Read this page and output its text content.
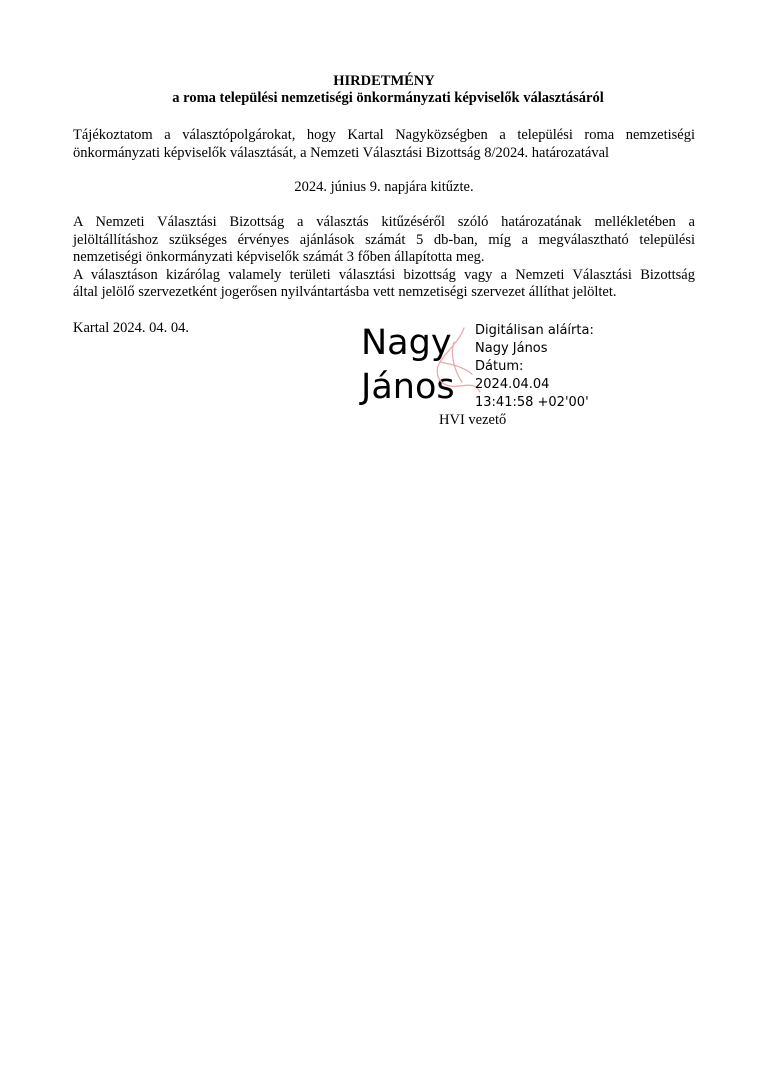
HIRDETMÉNY
a roma települési nemzetiségi önkormányzati képviselők választásáról
Tájékoztatom a választópolgárokat, hogy Kartal Nagyközségben a települési roma nemzetiségi
önkormányzati képviselők választását, a Nemzeti Választási Bizottság 8/2024. határozatával
2024. június 9. napjára kitűzte.
A Nemzeti Választási Bizottság a választás kitűzéséről szóló határozatának mellékletében a
jelöltállításhoz szükséges érvényes ajánlások számát 5 db-ban, míg a megválasztható települési
nemzetiségi önkormányzati képviselők számát 3 főben állapította meg.
A választáson kizárólag valamely területi választási bizottság vagy a Nemzeti Választási Bizottság
által jelölő szervezetként jogerősen nyilvántartásba vett nemzetiségi szervezet állíthat jelöltet.
Kartal 2024. 04. 04.	Nagy
János
Digitálisan aláírta:
Nagy János
Dátum:
2024.04.04
13:41:58 +02'00'
HVI vezető
